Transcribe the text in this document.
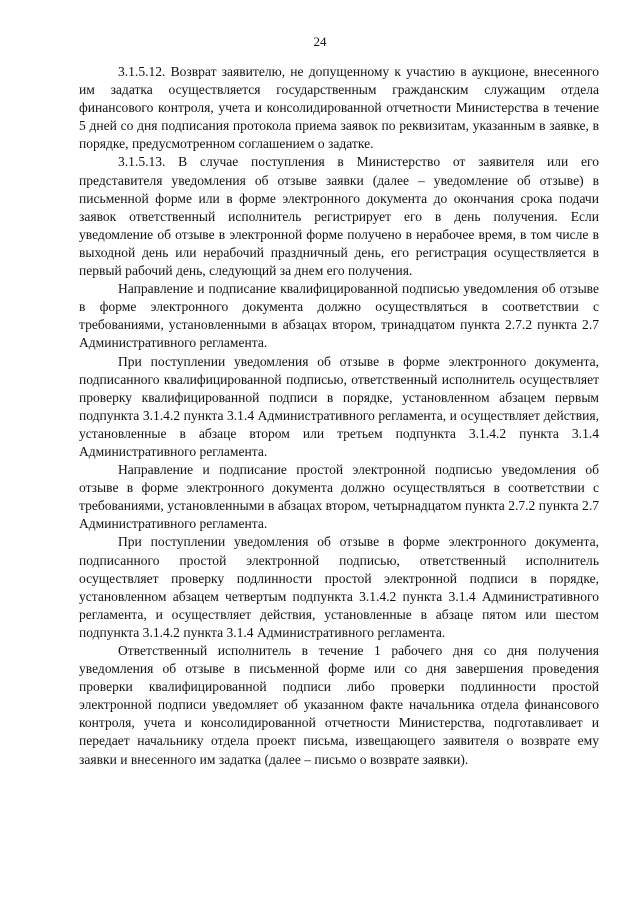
24

3.1.5.12. Возврат заявителю, не допущенному к участию в аукционе, внесенного им задатка осуществляется государственным гражданским служащим отдела финансового контроля, учета и консолидированной отчетности Министерства в течение 5 дней со дня подписания протокола приема заявок по реквизитам, указанным в заявке, в порядке, предусмотренном соглашением о задатке.

3.1.5.13. В случае поступления в Министерство от заявителя или его представителя уведомления об отзыве заявки (далее – уведомление об отзыве) в письменной форме или в форме электронного документа до окончания срока подачи заявок ответственный исполнитель регистрирует его в день получения. Если уведомление об отзыве в электронной форме получено в нерабочее время, в том числе в выходной день или нерабочий праздничный день, его регистрация осуществляется в первый рабочий день, следующий за днем его получения.

Направление и подписание квалифицированной подписью уведомления об отзыве в форме электронного документа должно осуществляться в соответствии с требованиями, установленными в абзацах втором, тринадцатом пункта 2.7.2 пункта 2.7 Административного регламента.

При поступлении уведомления об отзыве в форме электронного документа, подписанного квалифицированной подписью, ответственный исполнитель осуществляет проверку квалифицированной подписи в порядке, установленном абзацем первым подпункта 3.1.4.2 пункта 3.1.4 Административного регламента, и осуществляет действия, установленные в абзаце втором или третьем подпункта 3.1.4.2 пункта 3.1.4 Административного регламента.

Направление и подписание простой электронной подписью уведомления об отзыве в форме электронного документа должно осуществляться в соответствии с требованиями, установленными в абзацах втором, четырнадцатом пункта 2.7.2 пункта 2.7 Административного регламента.

При поступлении уведомления об отзыве в форме электронного документа, подписанного простой электронной подписью, ответственный исполнитель осуществляет проверку подлинности простой электронной подписи в порядке, установленном абзацем четвертым подпункта 3.1.4.2 пункта 3.1.4 Административного регламента, и осуществляет действия, установленные в абзаце пятом или шестом подпункта 3.1.4.2 пункта 3.1.4 Административного регламента.

Ответственный исполнитель в течение 1 рабочего дня со дня получения уведомления об отзыве в письменной форме или со дня завершения проведения проверки квалифицированной подписи либо проверки подлинности простой электронной подписи уведомляет об указанном факте начальника отдела финансового контроля, учета и консолидированной отчетности Министерства, подготавливает и передает начальнику отдела проект письма, извещающего заявителя о возврате ему заявки и внесенного им задатка (далее – письмо о возврате заявки).
